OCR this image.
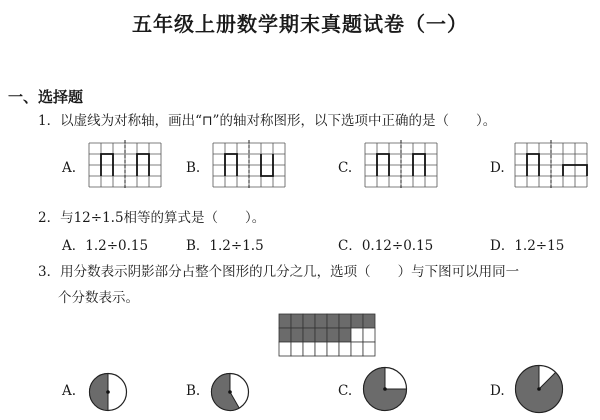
五年级上册数学期末真题试卷（一）
一、选择题
1．以虚线为对称轴，画出“⊓”的轴对称图形，以下选项中正确的是（　　）。
A.	B.	C.	D.
2．与12÷1.5相等的算式是（　　）。
A．1.2÷0.15	B．1.2÷1.5	C．0.12÷0.15	D．1.2÷15
3．用分数表示阴影部分占整个图形的几分之几，选项（　　）与下图可以用同一
个分数表示。
A.	B.	C.	D.
